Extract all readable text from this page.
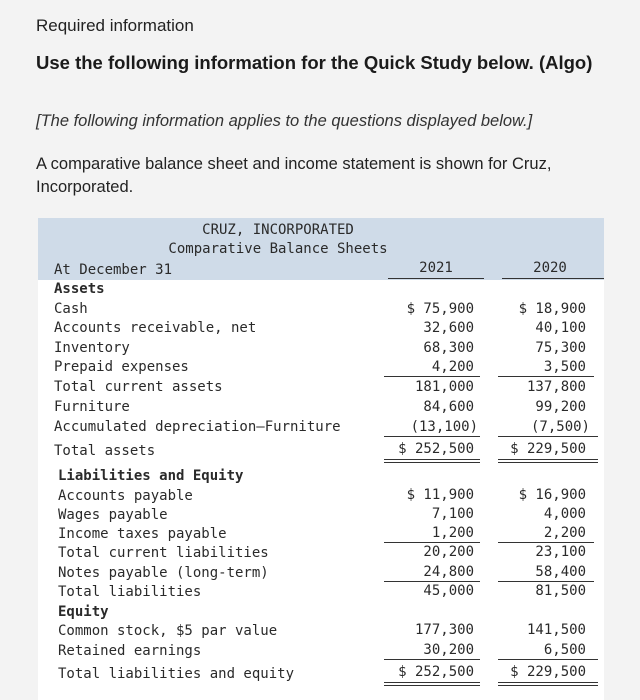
Required information
Use the following information for the Quick Study below. (Algo)
[The following information applies to the questions displayed below.]
A comparative balance sheet and income statement is shown for Cruz, Incorporated.
CRUZ, INCORPORATED
Comparative Balance Sheets
At December 31	2021	2020
Assets
Cash	$ 75,900	$ 18,900
Accounts receivable, net	32,600	40,100
Inventory	68,300	75,300
Prepaid expenses	4,200	3,500
Total current assets	181,000	137,800
Furniture	84,600	99,200
Accumulated depreciation—Furniture	(13,100)	(7,500)
Total assets	$ 252,500	$ 229,500
Liabilities and Equity
Accounts payable	$ 11,900	$ 16,900
Wages payable	7,100	4,000
Income taxes payable	1,200	2,200
Total current liabilities	20,200	23,100
Notes payable (long-term)	24,800	58,400
Total liabilities	45,000	81,500
Equity
Common stock, $5 par value	177,300	141,500
Retained earnings	30,200	6,500
Total liabilities and equity	$ 252,500	$ 229,500
